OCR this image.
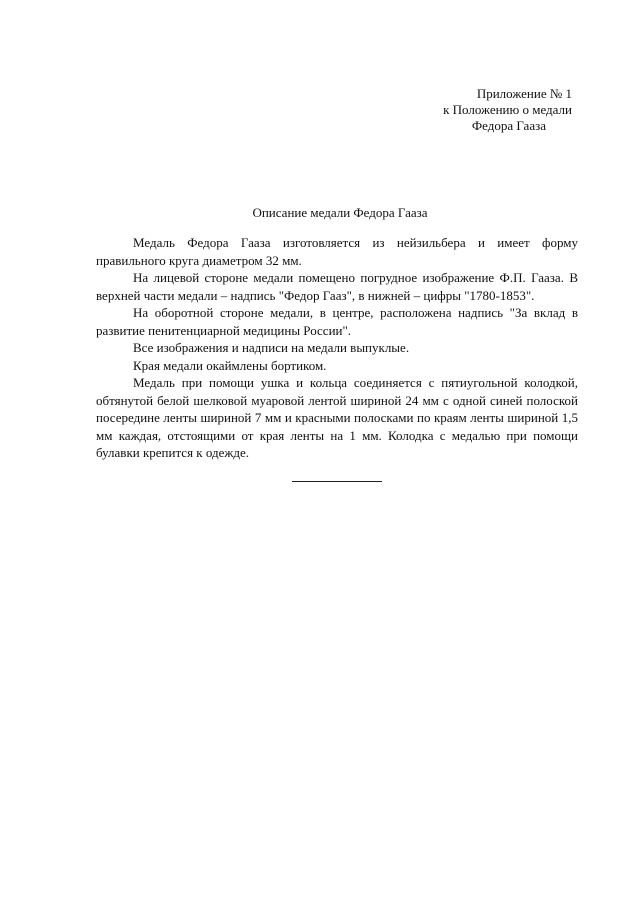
Приложение № 1
к Положению о медали
Федора Гааза
Описание медали Федора Гааза

Медаль Федора Гааза изготовляется из нейзильбера и имеет форму правильного круга диаметром 32 мм.

На лицевой стороне медали помещено погрудное изображение Ф.П. Гааза. В верхней части медали – надпись "Федор Гааз", в нижней – цифры "1780-1853".

На оборотной стороне медали, в центре, расположена надпись "За вклад в развитие пенитенциарной медицины России".

Все изображения и надписи на медали выпуклые.

Края медали окаймлены бортиком.

Медаль при помощи ушка и кольца соединяется с пятиугольной колодкой, обтянутой белой шелковой муаровой лентой шириной 24 мм с одной синей полоской посередине ленты шириной 7 мм и красными полосками по краям ленты шириной 1,5 мм каждая, отстоящими от края ленты на 1 мм. Колодка с медалью при помощи булавки крепится к одежде.
